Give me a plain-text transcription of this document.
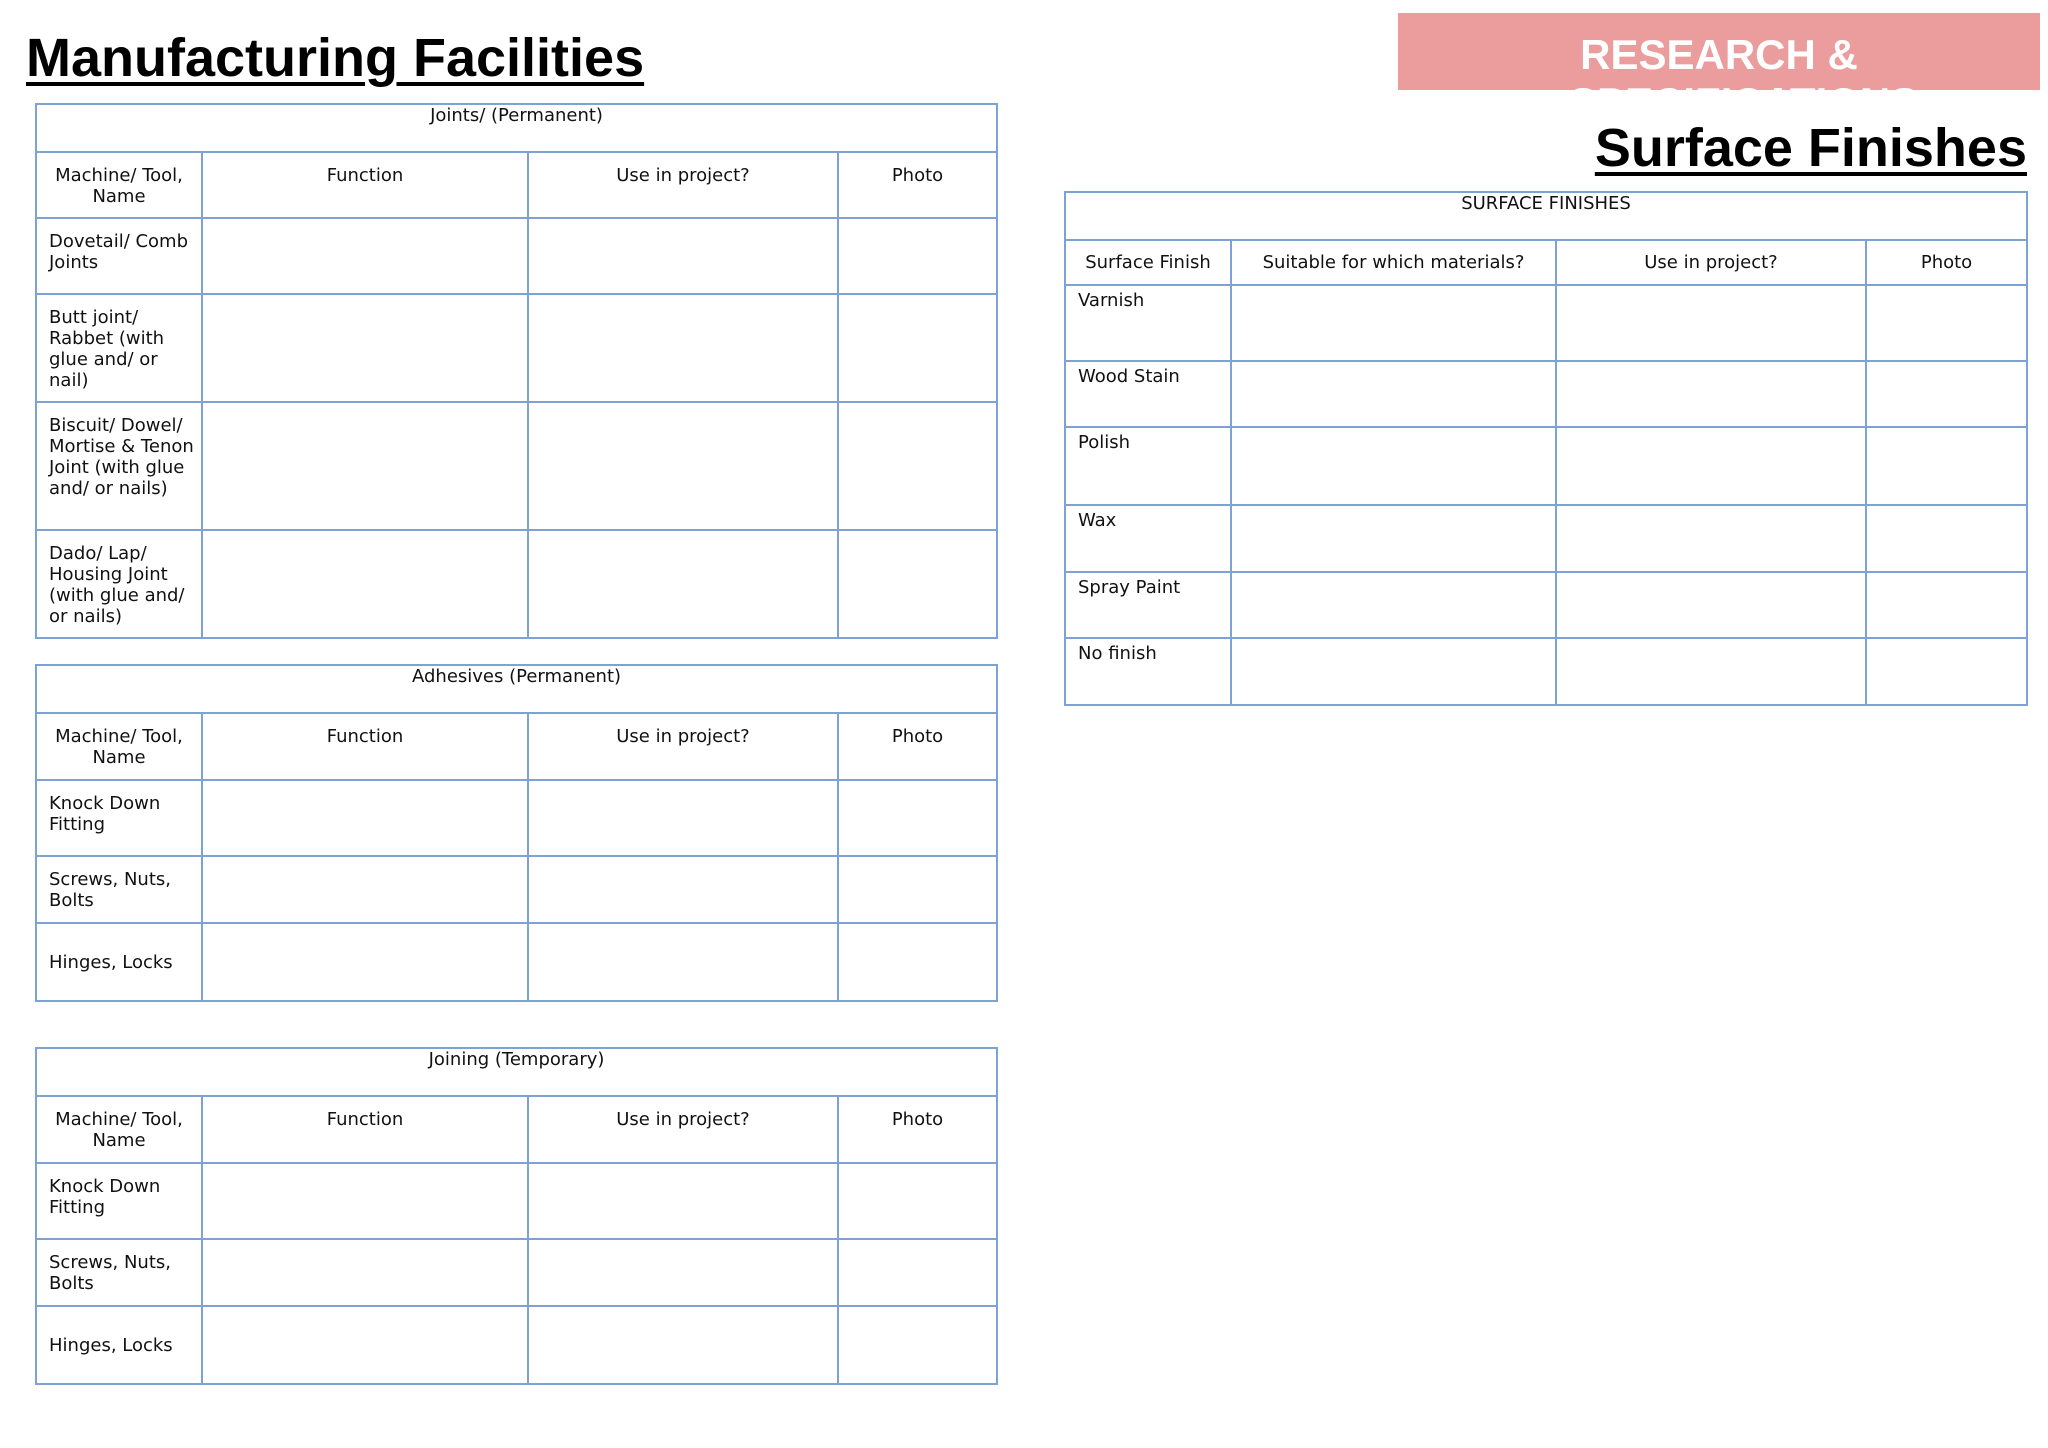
Manufacturing Facilities	RESEARCH & SPECIFICATIONS
Surface Finishes
Joints/ (Permanent)			
Machine/ Tool, Name	Function	Use in project?	Photo
Dovetail/ Comb Joints			
Butt joint/ Rabbet (with glue and/ or nail)			
Biscuit/ Dowel/ Mortise & Tenon Joint (with glue and/ or nails)			
Dado/ Lap/ Housing Joint (with glue and/ or nails)			
Adhesives (Permanent)			
Machine/ Tool, Name	Function	Use in project?	Photo
Knock Down Fitting			
Screws, Nuts, Bolts			
Hinges, Locks			
Joining (Temporary)			
Machine/ Tool, Name	Function	Use in project?	Photo
Knock Down Fitting			
Screws, Nuts, Bolts			
Hinges, Locks			
SURFACE FINISHES			
Surface Finish	Suitable for which materials?	Use in project?	Photo
Varnish			
Wood Stain			
Polish			
Wax			
Spray Paint			
No finish			
